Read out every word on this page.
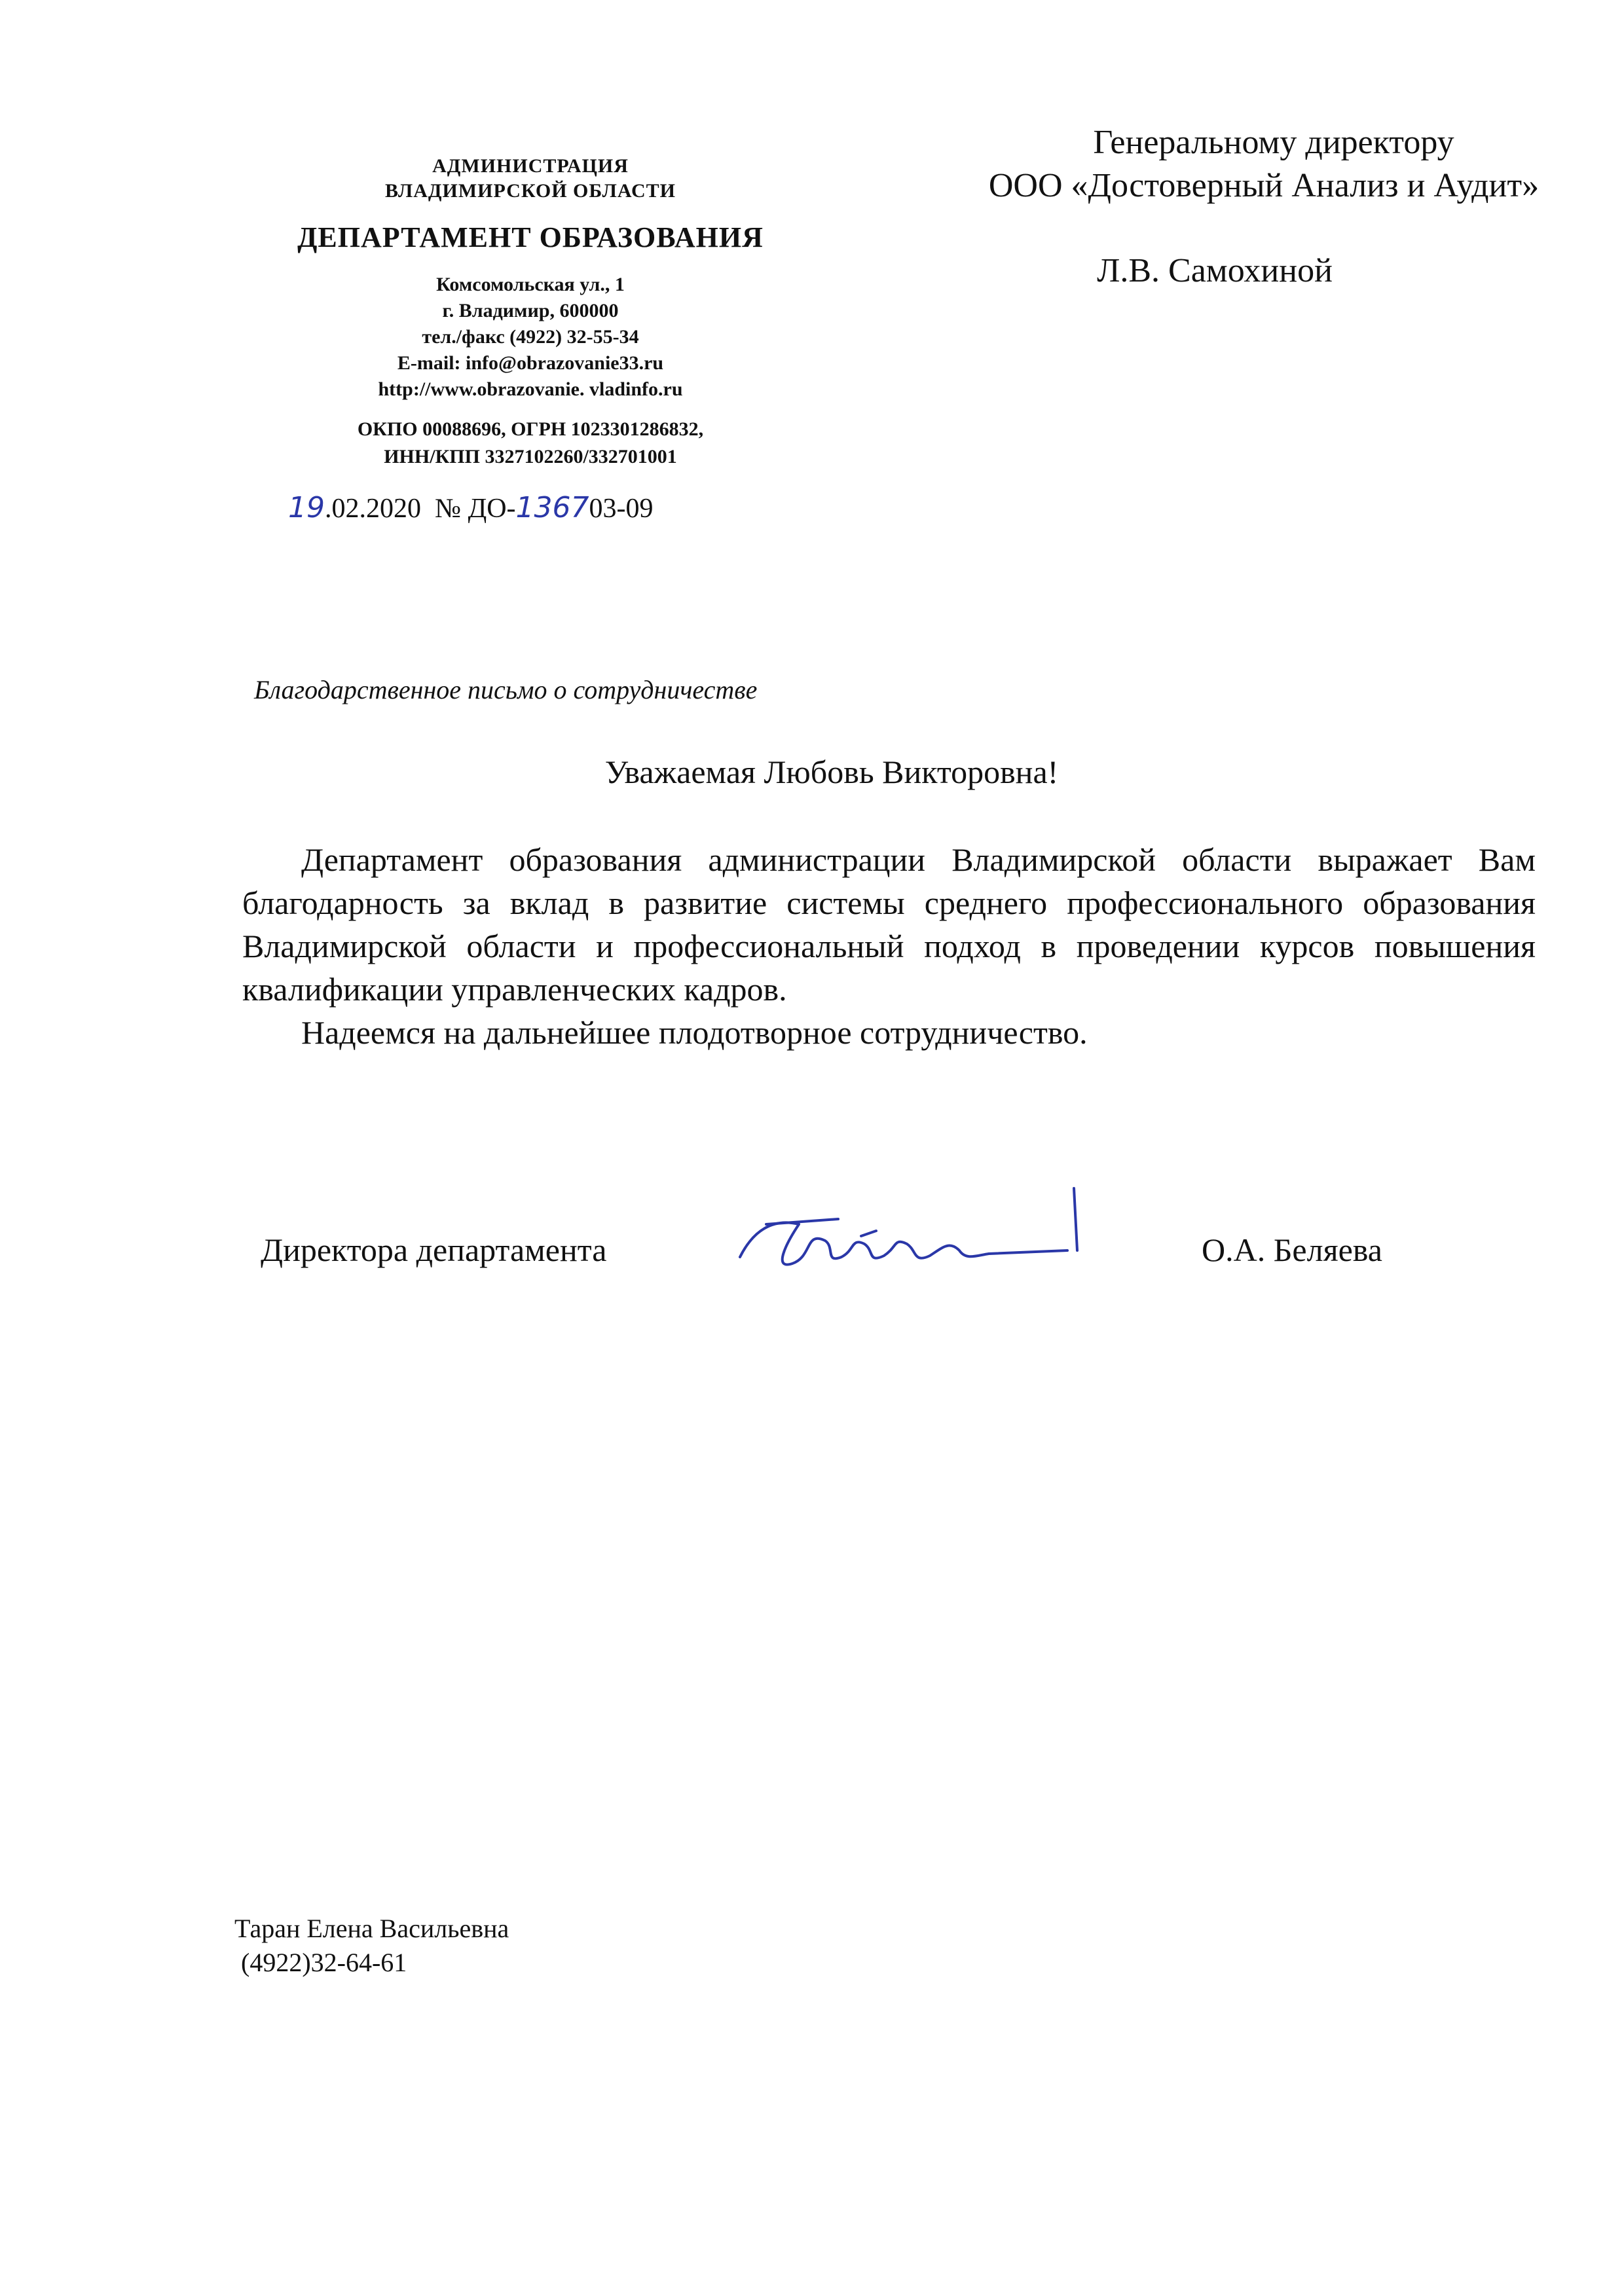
АДМИНИСТРАЦИЯ
ВЛАДИМИРСКОЙ ОБЛАСТИ
ДЕПАРТАМЕНТ ОБРАЗОВАНИЯ
Комсомольская ул., 1
г. Владимир, 600000
тел./факс (4922) 32-55-34
E-mail: info@obrazovanie33.ru
http://www.obrazovanie. vladinfo.ru
ОКПО 00088696, ОГРН 1023301286832,
ИНН/КПП 3327102260/332701001
19.02.2020 № ДО-136703-09
Генеральному директору
ООО «Достоверный Анализ и Аудит»
Л.В. Самохиной
Благодарственное письмо о сотрудничестве
Уважаемая Любовь Викторовна!

Департамент образования администрации Владимирской области выражает Вам благодарность за вклад в развитие системы среднего профессионального образования Владимирской области и профессиональный подход в проведении курсов повышения квалификации управленческих кадров.

Надеемся на дальнейшее плодотворное сотрудничество.

Директора департамента	О.А. Беляева
Таран Елена Васильевна
(4922)32-64-61
